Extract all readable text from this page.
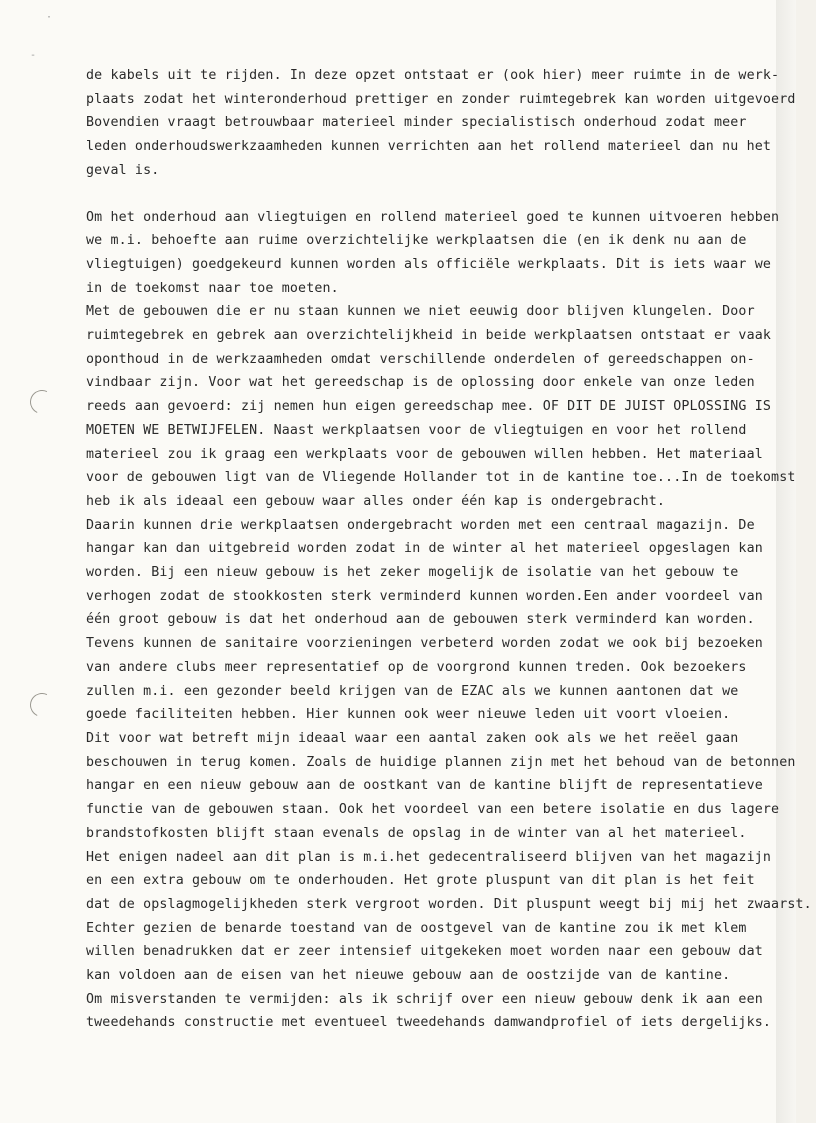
·
-
de kabels uit te rijden. In deze opzet ontstaat er (ook hier) meer ruimte in de werk-
plaats zodat het winteronderhoud prettiger en zonder ruimtegebrek kan worden uitgevoerd
Bovendien vraagt betrouwbaar materieel minder specialistisch onderhoud zodat meer
leden onderhoudswerkzaamheden kunnen verrichten aan het rollend materieel dan nu het
geval is.
Om het onderhoud aan vliegtuigen en rollend materieel goed te kunnen uitvoeren hebben
we m.i. behoefte aan ruime overzichtelijke werkplaatsen die (en ik denk nu aan de
vliegtuigen) goedgekeurd kunnen worden als officiële werkplaats. Dit is iets waar we
in de toekomst naar toe moeten.
Met de gebouwen die er nu staan kunnen we niet eeuwig door blijven klungelen. Door
ruimtegebrek en gebrek aan overzichtelijkheid in beide werkplaatsen ontstaat er vaak
oponthoud in de werkzaamheden omdat verschillende onderdelen of gereedschappen on-
vindbaar zijn. Voor wat het gereedschap is de oplossing door enkele van onze leden
reeds aan gevoerd: zij nemen hun eigen gereedschap mee. OF DIT DE JUIST OPLOSSING IS
MOETEN WE BETWIJFELEN. Naast werkplaatsen voor de vliegtuigen en voor het rollend
materieel zou ik graag een werkplaats voor de gebouwen willen hebben. Het materiaal
voor de gebouwen ligt van de Vliegende Hollander tot in de kantine toe...In de toekomst
heb ik als ideaal een gebouw waar alles onder één kap is ondergebracht.
Daarin kunnen drie werkplaatsen ondergebracht worden met een centraal magazijn. De
hangar kan dan uitgebreid worden zodat in de winter al het materieel opgeslagen kan
worden. Bij een nieuw gebouw is het zeker mogelijk de isolatie van het gebouw te
verhogen zodat de stookkosten sterk verminderd kunnen worden.Een ander voordeel van
één groot gebouw is dat het onderhoud aan de gebouwen sterk verminderd kan worden.
Tevens kunnen de sanitaire voorzieningen verbeterd worden zodat we ook bij bezoeken
van andere clubs meer representatief op de voorgrond kunnen treden. Ook bezoekers
zullen m.i. een gezonder beeld krijgen van de EZAC als we kunnen aantonen dat we
goede faciliteiten hebben. Hier kunnen ook weer nieuwe leden uit voort vloeien.
Dit voor wat betreft mijn ideaal waar een aantal zaken ook als we het reëel gaan
beschouwen in terug komen. Zoals de huidige plannen zijn met het behoud van de betonnen
hangar en een nieuw gebouw aan de oostkant van de kantine blijft de representatieve
functie van de gebouwen staan. Ook het voordeel van een betere isolatie en dus lagere
brandstofkosten blijft staan evenals de opslag in de winter van al het materieel.
Het enigen nadeel aan dit plan is m.i.het gedecentraliseerd blijven van het magazijn
en een extra gebouw om te onderhouden. Het grote pluspunt van dit plan is het feit
dat de opslagmogelijkheden sterk vergroot worden. Dit pluspunt weegt bij mij het zwaarst.
Echter gezien de benarde toestand van de oostgevel van de kantine zou ik met klem
willen benadrukken dat er zeer intensief uitgekeken moet worden naar een gebouw dat
kan voldoen aan de eisen van het nieuwe gebouw aan de oostzijde van de kantine.
Om misverstanden te vermijden: als ik schrijf over een nieuw gebouw denk ik aan een
tweedehands constructie met eventueel tweedehands damwandprofiel of iets dergelijks.
